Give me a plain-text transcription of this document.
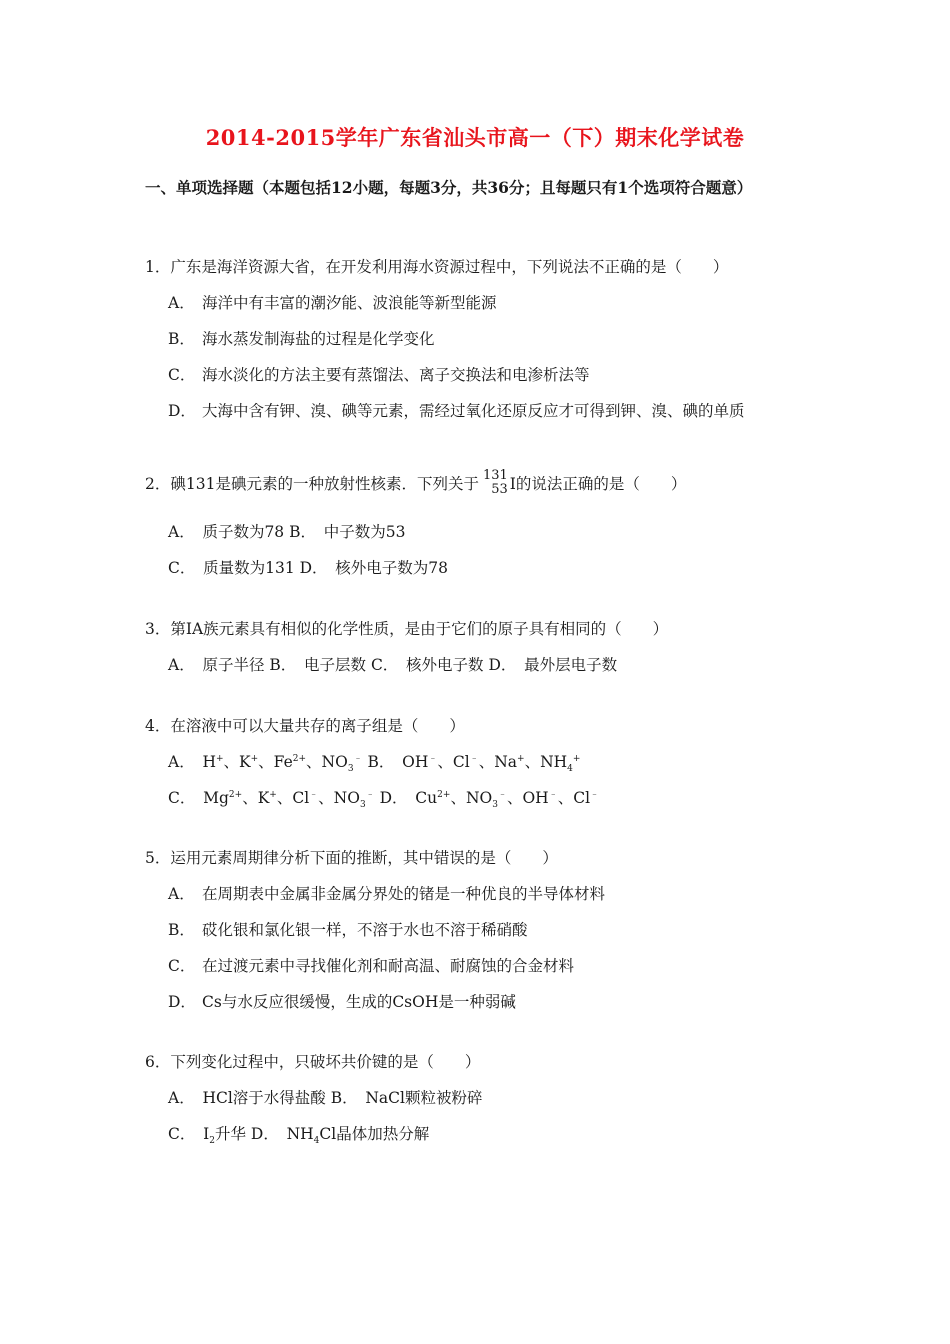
2014-2015学年广东省汕头市高一（下）期末化学试卷
一、单项选择题（本题包括12小题，每题3分，共36分；且每题只有1个选项符合题意）
1．广东是海洋资源大省，在开发利用海水资源过程中，下列说法不正确的是（　　）
A． 海洋中有丰富的潮汐能、波浪能等新型能源
B． 海水蒸发制海盐的过程是化学变化
C． 海水淡化的方法主要有蒸馏法、离子交换法和电渗析法等
D． 大海中含有钾、溴、碘等元素，需经过氧化还原反应才可得到钾、溴、碘的单质
2．碘131是碘元素的一种放射性核素．下列关于 131
53 I的说法正确的是（　　）
A．　质子数为78 B．　中子数为53
C．　质量数为131 D．　核外电子数为78
3．第ⅠA族元素具有相似的化学性质，是由于它们的原子具有相同的（　　）
A．　原子半径 B．　电子层数 C．　核外电子数 D．　最外层电子数
4．在溶液中可以大量共存的离子组是（　　）
A．　H+、K+、$Fe^{2+}$、$NO_3^﹣$ B．　OH﹣、Cl﹣、Na+、$NH_4^+$
C．　$Mg^{2+}$、K+、Cl﹣、$NO_3^﹣$ D．　$Cu^{2+}$、$NO_3^﹣$、OH﹣、Cl﹣
5．运用元素周期律分析下面的推断，其中错误的是（　　）
A． 在周期表中金属非金属分界处的锗是一种优良的半导体材料
B． 砹化银和氯化银一样，不溶于水也不溶于稀硝酸
C． 在过渡元素中寻找催化剂和耐高温、耐腐蚀的合金材料
D． Cs与水反应很缓慢，生成的CsOH是一种弱碱
6．下列变化过程中，只破坏共价键的是（　　）
A．　HCl溶于水得盐酸 B．　NaCl颗粒被粉碎
C．　$I_2$升华 D．　$NH_4Cl$晶体加热分解
